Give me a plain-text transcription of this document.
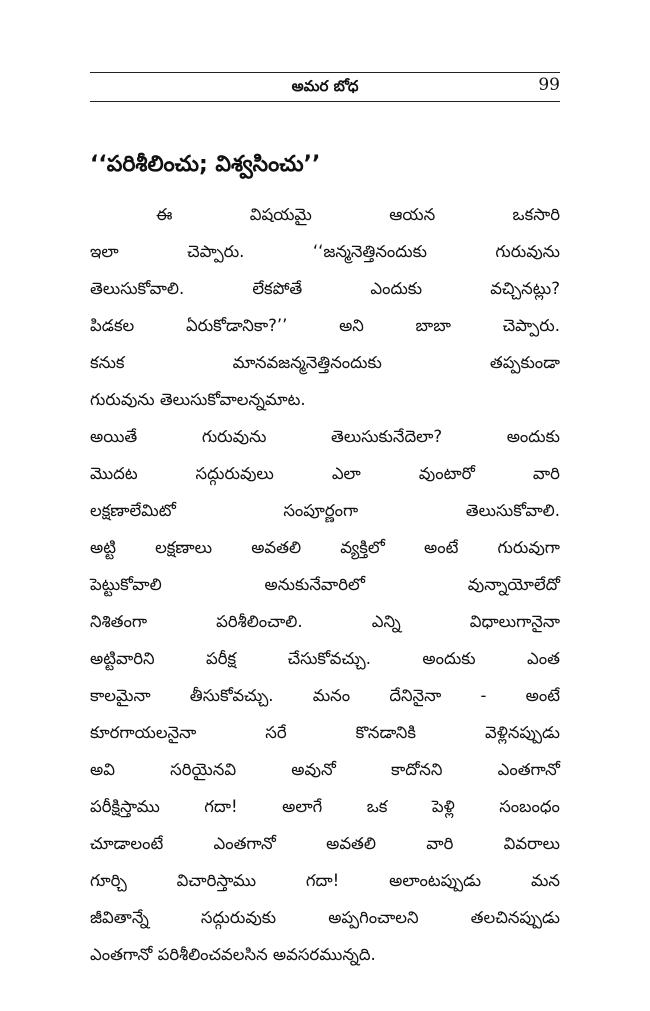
అమర బోధ	99
‘‘పరిశీలించు; విశ్వసించు’’
ఈ	విషయమై	ఆయన	ఒకసారి
ఇలా	చెప్పారు.	‘‘జన్మనెత్తినందుకు	గురువును
తెలుసుకోవాలి.	లేకపోతే	ఎందుకు	వచ్చినట్లు?
పిడకల	ఏరుకోడానికా?’’	అని	బాబా	చెప్పారు.
కనుక	మానవజన్మనెత్తినందుకు	తప్పకుండా
గురువును తెలుసుకోవాలన్నమాట.
అయితే	గురువును	తెలుసుకునేదెలా?	అందుకు
మొదట	సద్గురువులు	ఎలా	వుంటారో	వారి
లక్షణాలేమిటో	సంపూర్ణంగా	తెలుసుకోవాలి.
అట్టి లక్షణాలు అవతలి వ్యక్తిలో అంటే గురువుగా
పెట్టుకోవాలి	అనుకునేవారిలో	వున్నాయోలేదో
నిశితంగా	పరిశీలించాలి.	ఎన్ని	విధాలుగానైనా
అట్టివారిని	పరీక్ష	చేసుకోవచ్చు.	అందుకు	ఎంత
కాలమైనా తీసుకోవచ్చు. మనం దేనినైనా - అంటే
కూరగాయలనైనా	సరే	కొనడానికి	వెళ్లినప్పుడు
అవి	సరియైనవి	అవునో	కాదోనని	ఎంతగానో
పరీక్షిస్తాము	గదా!	అలాగే	ఒక	పెళ్లి	సంబంధం
చూడాలంటే	ఎంతగానో	అవతలి	వారి	వివరాలు
గూర్చి	విచారిస్తాము	గదా!	అలాంటప్పుడు	మన
జీవితాన్నే	సద్గురువుకు	అప్పగించాలని	తలచినప్పుడు
ఎంతగానో పరిశీలించవలసిన అవసరమున్నది.
